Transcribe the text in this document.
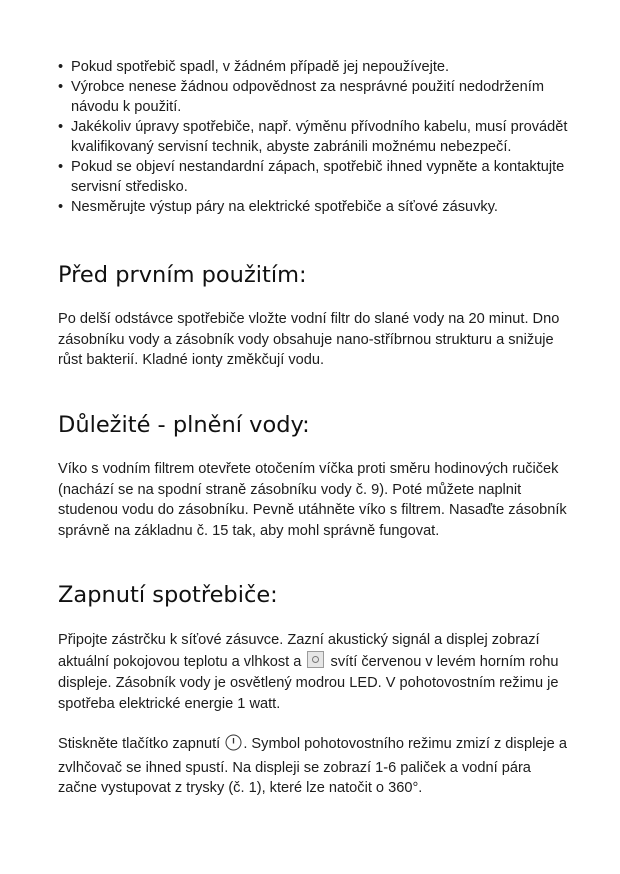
• Pokud spotřebič spadl, v žádném případě jej nepoužívejte.
• Výrobce nenese žádnou odpovědnost za nesprávné použití nedodržením návodu k použití.
• Jakékoliv úpravy spotřebiče, např. výměnu přívodního kabelu, musí provádět kvalifikovaný servisní technik, abyste zabránili možnému nebezpečí.
• Pokud se objeví nestandardní zápach, spotřebič ihned vypněte a kontaktujte servisní středisko.
• Nesměrujte výstup páry na elektrické spotřebiče a síťové zásuvky.
Před prvním použitím:

Po delší odstávce spotřebiče vložte vodní filtr do slané vody na 20 minut. Dno zásobníku vody a zásobník vody obsahuje nano-stříbrnou strukturu a snižuje růst bakterií. Kladné ionty změkčují vodu.

Důležité - plnění vody:

Víko s vodním filtrem otevřete otočením víčka proti směru hodinových ručiček (nachází se na spodní straně zásobníku vody č. 9). Poté můžete naplnit studenou vodu do zásobníku. Pevně utáhněte víko s filtrem. Nasaďte zásobník správně na základnu č. 15 tak, aby mohl správně fungovat.

Zapnutí spotřebiče:

Připojte zástrčku k síťové zásuvce. Zazní akustický signál a displej zobrazí aktuální pokojovou teplotu a vlhkost a svítí červenou v levém horním rohu displeje. Zásobník vody je osvětlený modrou LED. V pohotovostním režimu je spotřeba elektrické energie 1 watt.

Stiskněte tlačítko zapnutí . Symbol pohotovostního režimu zmizí z displeje a zvlhčovač se ihned spustí. Na displeji se zobrazí 1-6 paliček a vodní pára začne vystupovat z trysky (č. 1), které lze natočit o 360°.
